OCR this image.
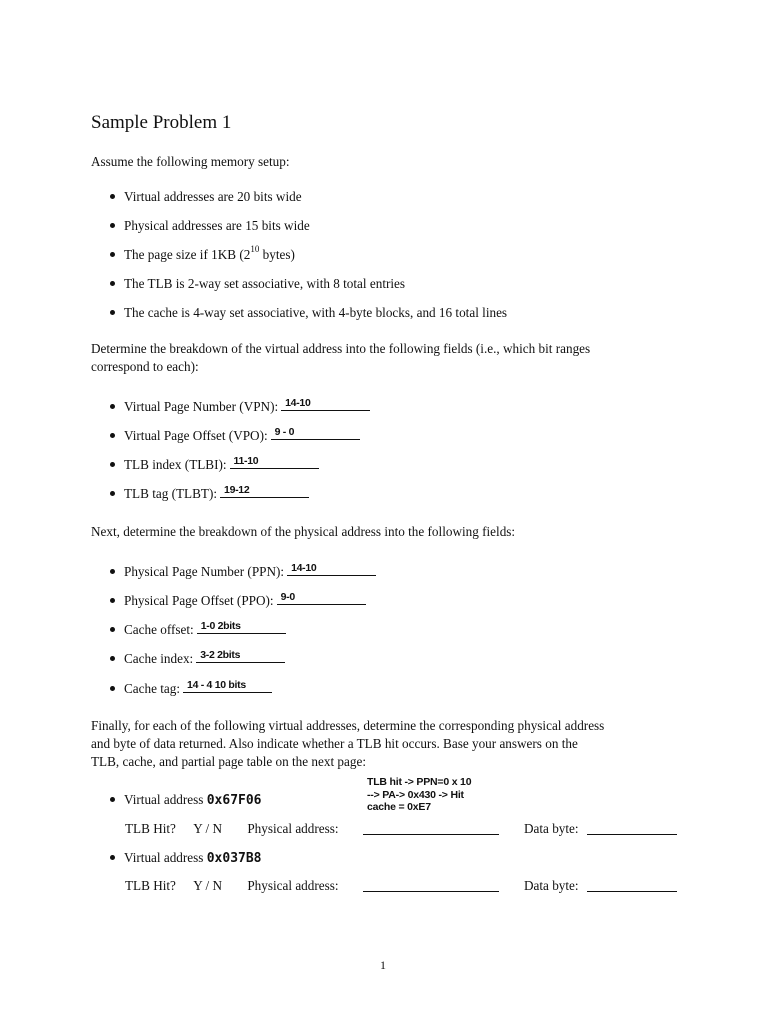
Sample Problem 1
Assume the following memory setup:
Virtual addresses are 20 bits wide
Physical addresses are 15 bits wide
The page size if 1KB ($2^{10}$ bytes)
The TLB is 2-way set associative, with 8 total entries
The cache is 4-way set associative, with 4-byte blocks, and 16 total lines
Determine the breakdown of the virtual address into the following fields (i.e., which bit ranges
correspond to each):
Virtual Page Number (VPN): 14-10
Virtual Page Offset (VPO): 9 - 0
TLB index (TLBI): 11-10
TLB tag (TLBT): 19-12
Next, determine the breakdown of the physical address into the following fields:
Physical Page Number (PPN): 14-10
Physical Page Offset (PPO): 9-0
Cache offset: 1-0 2bits
Cache index: 3-2 2bits
Cache tag: 14 - 4 10 bits
Finally, for each of the following virtual addresses, determine the corresponding physical address
and byte of data returned. Also indicate whether a TLB hit occurs. Base your answers on the
TLB, cache, and partial page table on the next page:
TLB hit -> PPN=0 x 10
--> PA-> 0x430 -> Hit
cache = 0xE7
Virtual address 0x67F06
TLB Hit? Y / N Physical address:	Data byte:
Virtual address 0x037B8
TLB Hit? Y / N Physical address:	Data byte:
1
